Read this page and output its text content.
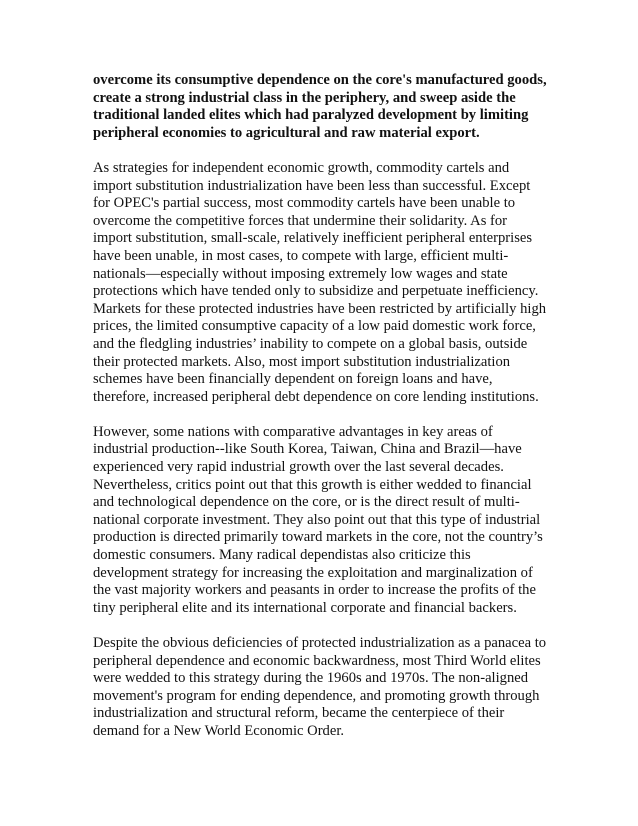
overcome its consumptive dependence on the core's manufactured goods, create a strong industrial class in the periphery, and sweep aside the traditional landed elites which had paralyzed development by limiting peripheral economies to agricultural and raw material export.

As strategies for independent economic growth, commodity cartels and import substitution industrialization have been less than successful. Except for OPEC's partial success, most commodity cartels have been unable to overcome the competitive forces that undermine their solidarity. As for import substitution, small-scale, relatively inefficient peripheral enterprises have been unable, in most cases, to compete with large, efficient multi-nationals—especially without imposing extremely low wages and state protections which have tended only to subsidize and perpetuate inefficiency. Markets for these protected industries have been restricted by artificially high prices, the limited consumptive capacity of a low paid domestic work force, and the fledgling industries’ inability to compete on a global basis, outside their protected markets. Also, most import substitution industrialization schemes have been financially dependent on foreign loans and have, therefore, increased peripheral debt dependence on core lending institutions.

However, some nations with comparative advantages in key areas of industrial production--like South Korea, Taiwan, China and Brazil—have experienced very rapid industrial growth over the last several decades. Nevertheless, critics point out that this growth is either wedded to financial and technological dependence on the core, or is the direct result of multi-national corporate investment. They also point out that this type of industrial production is directed primarily toward markets in the core, not the country’s domestic consumers. Many radical dependistas also criticize this development strategy for increasing the exploitation and marginalization of the vast majority workers and peasants in order to increase the profits of the tiny peripheral elite and its international corporate and financial backers.

Despite the obvious deficiencies of protected industrialization as a panacea to peripheral dependence and economic backwardness, most Third World elites were wedded to this strategy during the 1960s and 1970s. The non-aligned movement's program for ending dependence, and promoting growth through industrialization and structural reform, became the centerpiece of their demand for a New World Economic Order.
